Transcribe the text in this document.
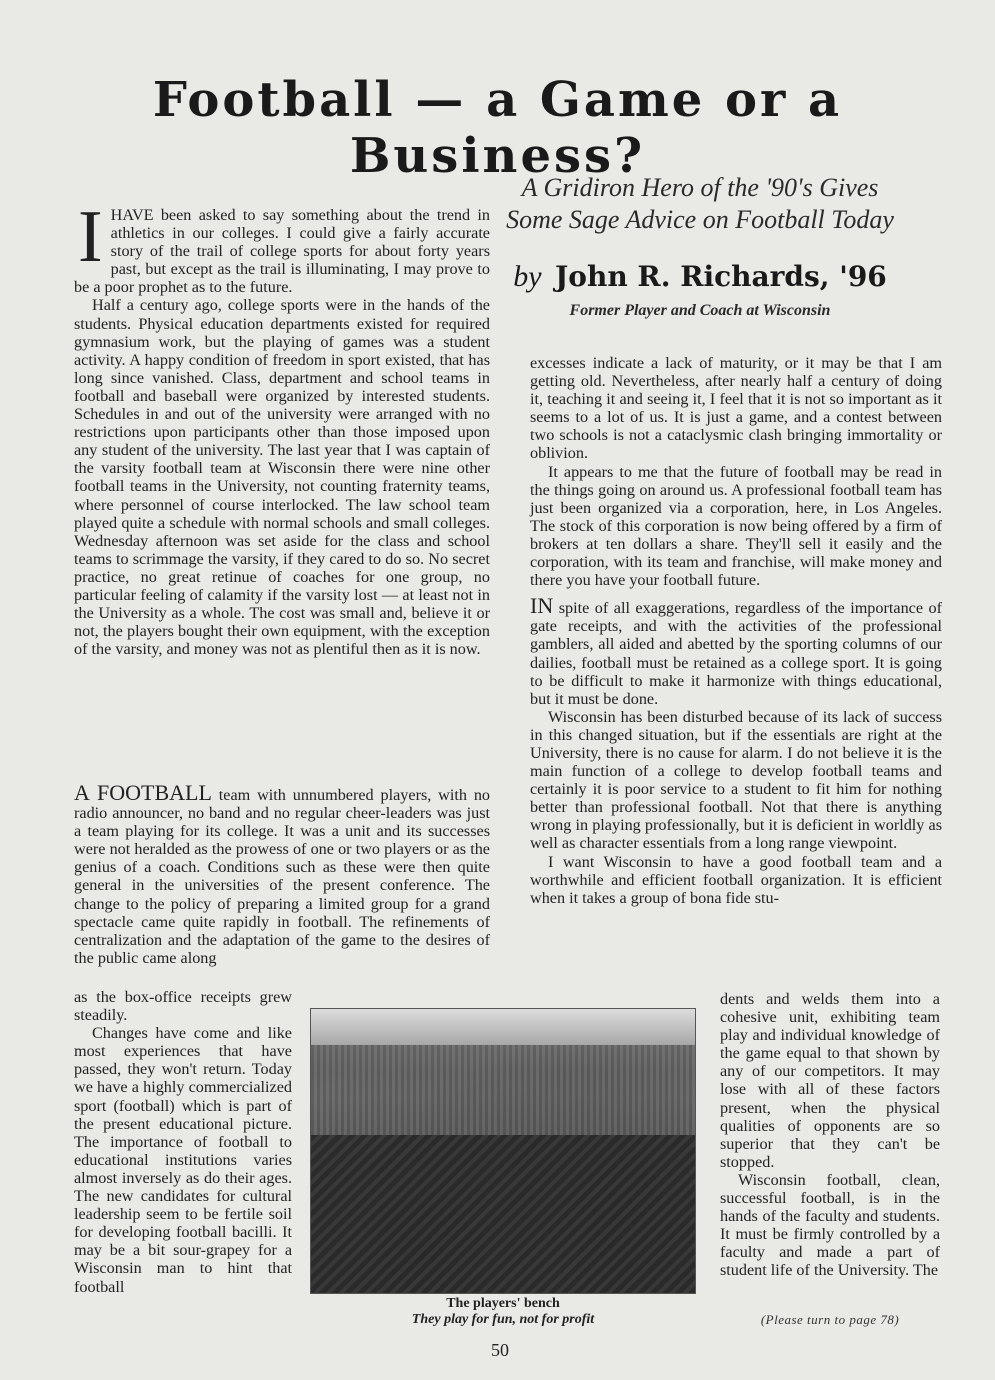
Football — a Game or a Business?
A Gridiron Hero of the '90's Gives
Some Sage Advice on Football Today
by John R. Richards, '96
Former Player and Coach at Wisconsin
I HAVE been asked to say something about the trend in athletics in our colleges. I could give a fairly accurate story of the trail of college sports for about forty years past, but except as the trail is illuminating, I may prove to be a poor prophet as to the future.

Half a century ago, college sports were in the hands of the students. Physical education departments existed for required gymnasium work, but the playing of games was a student activity. A happy condition of freedom in sport existed, that has long since vanished. Class, department and school teams in football and baseball were organized by interested students. Schedules in and out of the university were arranged with no restrictions upon participants other than those imposed upon any student of the university. The last year that I was captain of the varsity football team at Wisconsin there were nine other football teams in the University, not counting fraternity teams, where personnel of course interlocked. The law school team played quite a schedule with normal schools and small colleges. Wednesday afternoon was set aside for the class and school teams to scrimmage the varsity, if they cared to do so. No secret practice, no great retinue of coaches for one group, no particular feeling of calamity if the varsity lost — at least not in the University as a whole. The cost was small and, believe it or not, the players bought their own equipment, with the exception of the varsity, and money was not as plentiful then as it is now.

A FOOTBALL team with unnumbered players, with no radio announcer, no band and no regular cheer-leaders was just a team playing for its college. It was a unit and its successes were not heralded as the prowess of one or two players or as the genius of a coach. Conditions such as these were then quite general in the universities of the present conference. The change to the policy of preparing a limited group for a grand spectacle came quite rapidly in football. The refinements of centralization and the adaptation of the game to the desires of the public came along

as the box-office receipts grew steadily.

Changes have come and like most experiences that have passed, they won't return. Today we have a highly commercialized sport (football) which is part of the present educational picture. The importance of football to educational institutions varies almost inversely as do their ages. The new candidates for cultural leadership seem to be fertile soil for developing football bacilli. It may be a bit sour-grapey for a Wisconsin man to hint that football

excesses indicate a lack of maturity, or it may be that I am getting old. Nevertheless, after nearly half a century of doing it, teaching it and seeing it, I feel that it is not so important as it seems to a lot of us. It is just a game, and a contest between two schools is not a cataclysmic clash bringing immortality or oblivion.

It appears to me that the future of football may be read in the things going on around us. A professional football team has just been organized via a corporation, here, in Los Angeles. The stock of this corporation is now being offered by a firm of brokers at ten dollars a share. They'll sell it easily and the corporation, with its team and franchise, will make money and there you have your football future.

IN spite of all exaggerations, regardless of the importance of gate receipts, and with the activities of the professional gamblers, all aided and abetted by the sporting columns of our dailies, football must be retained as a college sport. It is going to be difficult to make it harmonize with things educational, but it must be done.

Wisconsin has been disturbed because of its lack of success in this changed situation, but if the essentials are right at the University, there is no cause for alarm. I do not believe it is the main function of a college to develop football teams and certainly it is poor service to a student to fit him for nothing better than professional football. Not that there is anything wrong in playing professionally, but it is deficient in worldly as well as character essentials from a long range viewpoint.

I want Wisconsin to have a good football team and a worthwhile and efficient football organization. It is efficient when it takes a group of bona fide stu-

dents and welds them into a cohesive unit, exhibiting team play and individual knowledge of the game equal to that shown by any of our competitors. It may lose with all of these factors present, when the physical qualities of opponents are so superior that they can't be stopped.

Wisconsin football, clean, successful football, is in the hands of the faculty and students. It must be firmly controlled by a faculty and made a part of student life of the University. The

The players' bench
They play for fun, not for profit	(Please turn to page 78)
50
